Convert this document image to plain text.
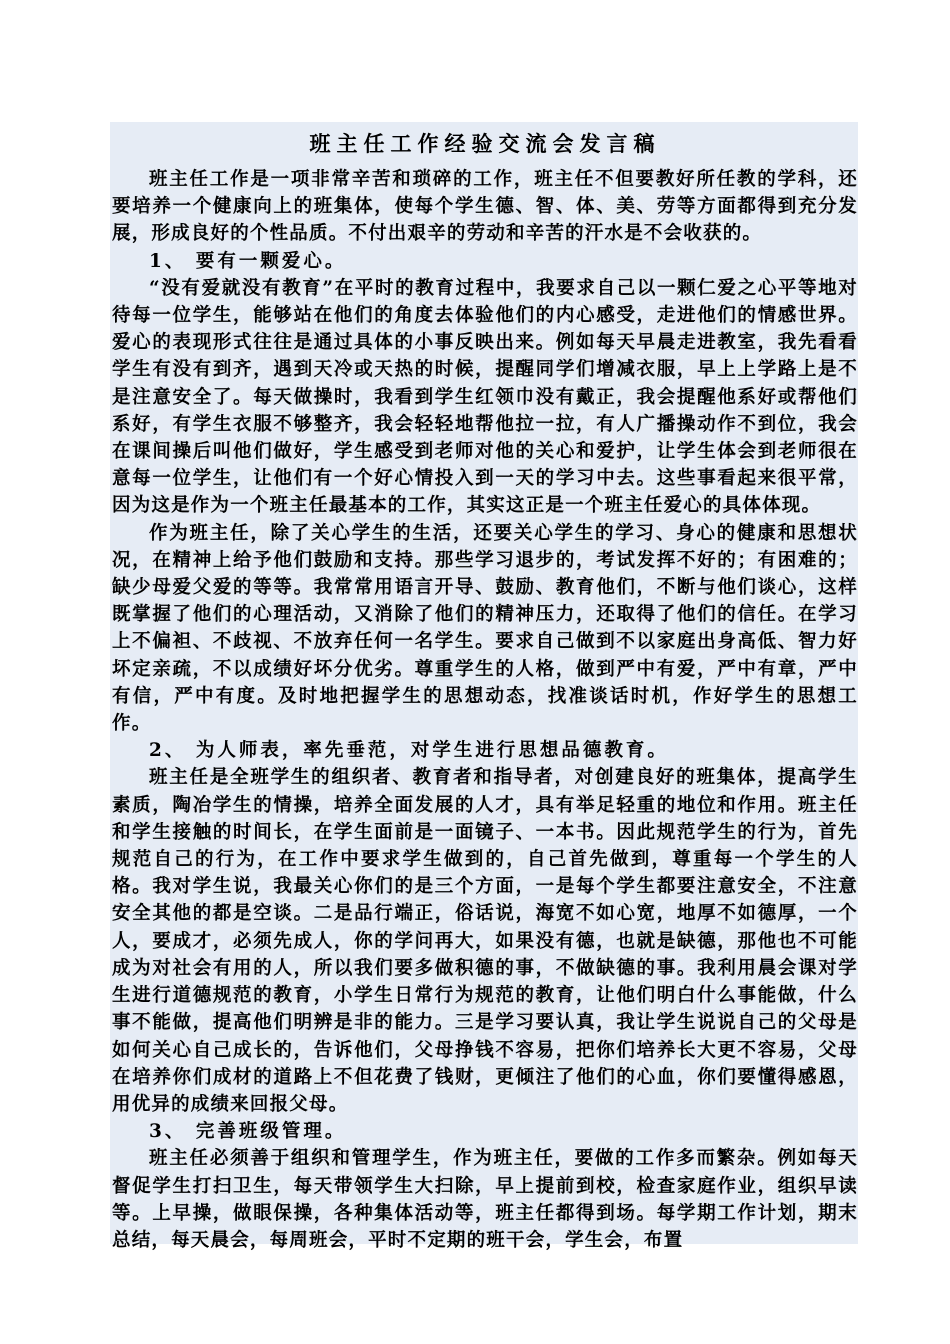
班主任工作经验交流会发言稿

班主任工作是一项非常辛苦和琐碎的工作，班主任不但要教好所任教的学科，还要培养一个健康向上的班集体，使每个学生德、智、体、美、劳等方面都得到充分发展，形成良好的个性品质。不付出艰辛的劳动和辛苦的汗水是不会收获的。

1、 要有一颗爱心。

“没有爱就没有教育”在平时的教育过程中，我要求自己以一颗仁爱之心平等地对待每一位学生，能够站在他们的角度去体验他们的内心感受，走进他们的情感世界。爱心的表现形式往往是通过具体的小事反映出来。例如每天早晨走进教室，我先看看学生有没有到齐，遇到天冷或天热的时候，提醒同学们增减衣服，早上上学路上是不是注意安全了。每天做操时，我看到学生红领巾没有戴正，我会提醒他系好或帮他们系好，有学生衣服不够整齐，我会轻轻地帮他拉一拉，有人广播操动作不到位，我会在课间操后叫他们做好，学生感受到老师对他的关心和爱护，让学生体会到老师很在意每一位学生，让他们有一个好心情投入到一天的学习中去。这些事看起来很平常，因为这是作为一个班主任最基本的工作，其实这正是一个班主任爱心的具体体现。

作为班主任，除了关心学生的生活，还要关心学生的学习、身心的健康和思想状况，在精神上给予他们鼓励和支持。那些学习退步的，考试发挥不好的；有困难的；缺少母爱父爱的等等。我常常用语言开导、鼓励、教育他们，不断与他们谈心，这样既掌握了他们的心理活动，又消除了他们的精神压力，还取得了他们的信任。在学习上不偏袒、不歧视、不放弃任何一名学生。要求自己做到不以家庭出身高低、智力好坏定亲疏，不以成绩好坏分优劣。尊重学生的人格，做到严中有爱，严中有章，严中有信，严中有度。及时地把握学生的思想动态，找准谈话时机，作好学生的思想工作。

2、 为人师表，率先垂范，对学生进行思想品德教育。

班主任是全班学生的组织者、教育者和指导者，对创建良好的班集体，提高学生素质，陶冶学生的情操，培养全面发展的人才，具有举足轻重的地位和作用。班主任和学生接触的时间长，在学生面前是一面镜子、一本书。因此规范学生的行为，首先规范自己的行为，在工作中要求学生做到的，自己首先做到，尊重每一个学生的人格。我对学生说，我最关心你们的是三个方面，一是每个学生都要注意安全，不注意安全其他的都是空谈。二是品行端正，俗话说，海宽不如心宽，地厚不如德厚，一个人，要成才，必须先成人，你的学问再大，如果没有德，也就是缺德，那他也不可能成为对社会有用的人，所以我们要多做积德的事，不做缺德的事。我利用晨会课对学生进行道德规范的教育，小学生日常行为规范的教育，让他们明白什么事能做，什么事不能做，提高他们明辨是非的能力。三是学习要认真，我让学生说说自己的父母是如何关心自己成长的，告诉他们，父母挣钱不容易，把你们培养长大更不容易，父母在培养你们成材的道路上不但花费了钱财，更倾注了他们的心血，你们要懂得感恩，用优异的成绩来回报父母。

3、 完善班级管理。

班主任必须善于组织和管理学生，作为班主任，要做的工作多而繁杂。例如每天督促学生打扫卫生，每天带领学生大扫除，早上提前到校，检查家庭作业，组织早读等。上早操，做眼保操，各种集体活动等，班主任都得到场。每学期工作计划，期末总结，每天晨会，每周班会，平时不定期的班干会，学生会，布置
